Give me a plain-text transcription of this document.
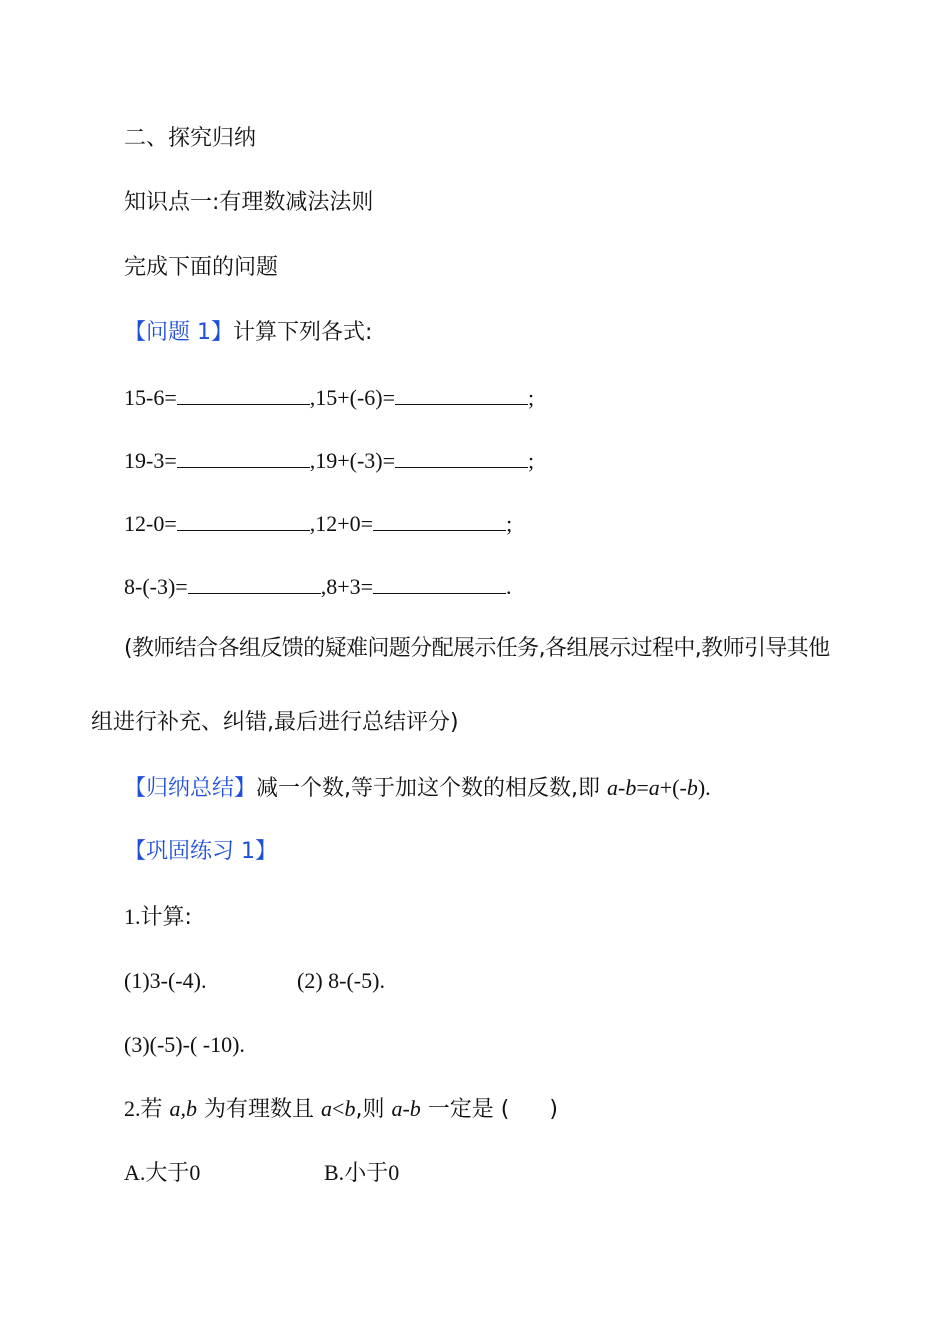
二、探究归纳
知识点一:有理数减法法则
完成下面的问题
【问题 1】计算下列各式:
15-6=	,15+(-6)=	;
19-3=	,19+(-3)=	;
12-0=	,12+0=	;
8-(-3)=	,8+3=	.
(教师结合各组反馈的疑难问题分配展示任务,各组展示过程中,教师引导其他
组进行补充、纠错,最后进行总结评分)
【归纳总结】减一个数,等于加这个数的相反数,即 a-b=a+(-b).
【巩固练习 1】
1.计算:
(1)3-(-4).	(2) 8-(-5).
(3)(-5)-( -10).
2.若 a,b 为有理数且 a<b,则 a-b 一定是 ( )
A.大于0	B.小于0
